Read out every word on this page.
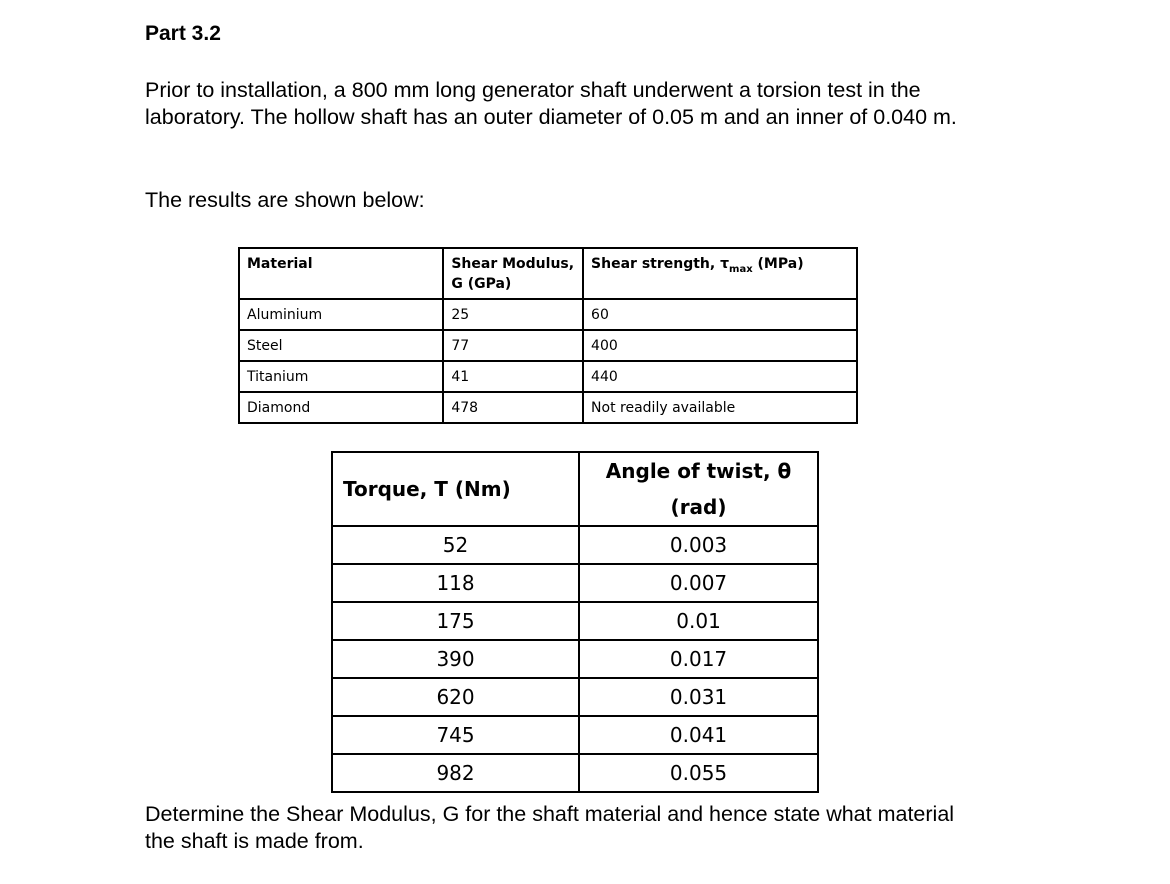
Part 3.2

Prior to installation, a 800 mm long generator shaft underwent a torsion test in the laboratory. The hollow shaft has an outer diameter of 0.05 m and an inner of 0.040 m.

The results are shown below:

Material	Shear Modulus, G (GPa)	Shear strength, $\tau_{max}$ (MPa)
Aluminium	25	60
Steel	77	400
Titanium	41	440
Diamond	478	Not readily available
Torque, T (Nm)	Angle of twist, θ (rad)
52	0.003
118	0.007
175	0.01
390	0.017
620	0.031
745	0.041
982	0.055

Determine the Shear Modulus, G for the shaft material and hence state what material the shaft is made from.
